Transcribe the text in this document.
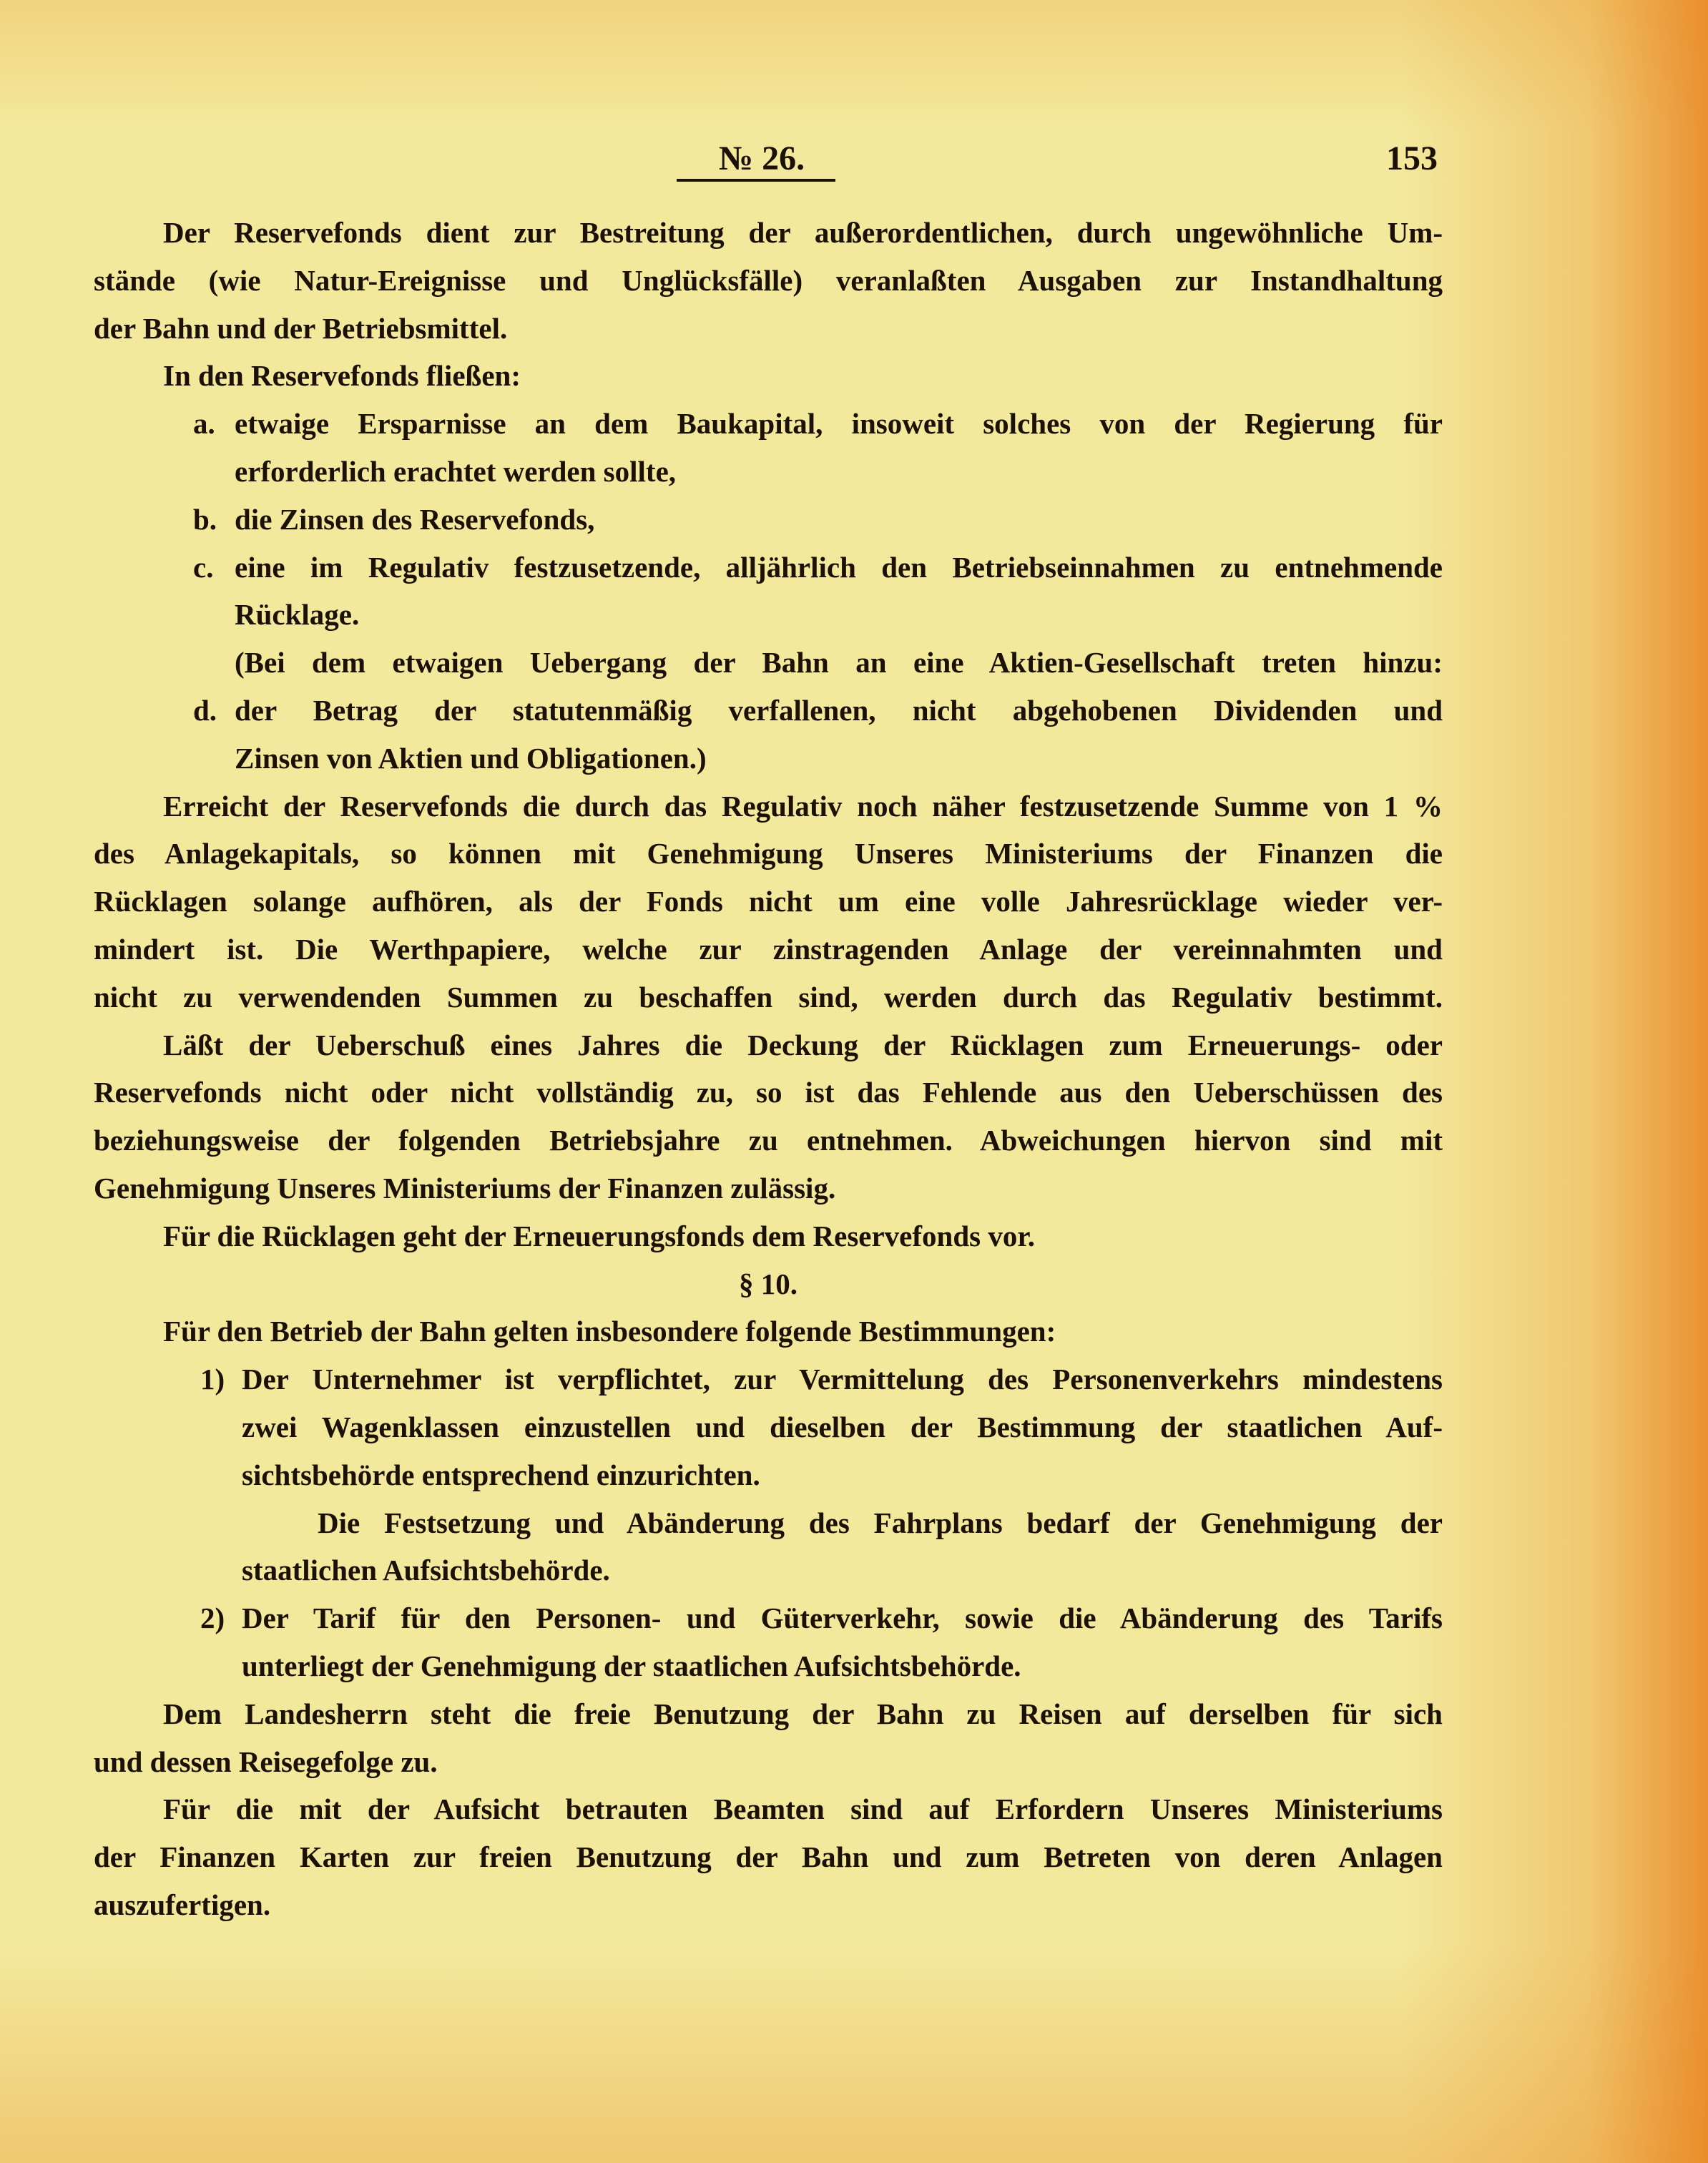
№ 26.	153
Der Reservefonds dient zur Bestreitung der außerordentlichen, durch ungewöhnliche Um-
stände (wie Natur-Ereignisse und Unglücksfälle) veranlaßten Ausgaben zur Instandhaltung
der Bahn und der Betriebsmittel.
In den Reservefonds fließen:
a. etwaige Ersparnisse an dem Baukapital, insoweit solches von der Regierung für
erforderlich erachtet werden sollte,
b. die Zinsen des Reservefonds,
c. eine im Regulativ festzusetzende, alljährlich den Betriebseinnahmen zu entnehmende
Rücklage.
(Bei dem etwaigen Uebergang der Bahn an eine Aktien-Gesellschaft treten hinzu:
d. der Betrag der statutenmäßig verfallenen, nicht abgehobenen Dividenden und
Zinsen von Aktien und Obligationen.)
Erreicht der Reservefonds die durch das Regulativ noch näher festzusetzende Summe von 1 %
des Anlagekapitals, so können mit Genehmigung Unseres Ministeriums der Finanzen die
Rücklagen solange aufhören, als der Fonds nicht um eine volle Jahresrücklage wieder ver-
mindert ist. Die Werthpapiere, welche zur zinstragenden Anlage der vereinnahmten und
nicht zu verwendenden Summen zu beschaffen sind, werden durch das Regulativ bestimmt.
Läßt der Ueberschuß eines Jahres die Deckung der Rücklagen zum Erneuerungs- oder
Reservefonds nicht oder nicht vollständig zu, so ist das Fehlende aus den Ueberschüssen des
beziehungsweise der folgenden Betriebsjahre zu entnehmen. Abweichungen hiervon sind mit
Genehmigung Unseres Ministeriums der Finanzen zulässig.
Für die Rücklagen geht der Erneuerungsfonds dem Reservefonds vor.
§ 10.
Für den Betrieb der Bahn gelten insbesondere folgende Bestimmungen:
1) Der Unternehmer ist verpflichtet, zur Vermittelung des Personenverkehrs mindestens
zwei Wagenklassen einzustellen und dieselben der Bestimmung der staatlichen Auf-
sichtsbehörde entsprechend einzurichten.
Die Festsetzung und Abänderung des Fahrplans bedarf der Genehmigung der
staatlichen Aufsichtsbehörde.
2) Der Tarif für den Personen- und Güterverkehr, sowie die Abänderung des Tarifs
unterliegt der Genehmigung der staatlichen Aufsichtsbehörde.
Dem Landesherrn steht die freie Benutzung der Bahn zu Reisen auf derselben für sich
und dessen Reisegefolge zu.
Für die mit der Aufsicht betrauten Beamten sind auf Erfordern Unseres Ministeriums
der Finanzen Karten zur freien Benutzung der Bahn und zum Betreten von deren Anlagen
auszufertigen.
